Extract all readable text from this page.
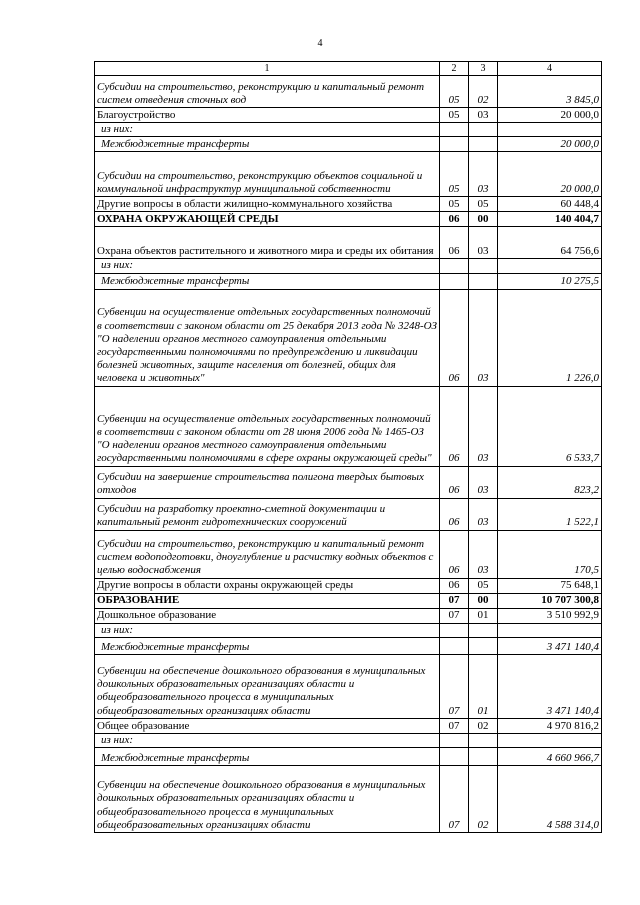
4
1	2	3	4
Субсидии на строительство, реконструкцию и капитальный ремонт систем отведения сточных вод	05	02	3 845,0
Благоустройство	05	03	20 000,0
из них:			
Межбюджетные трансферты			20 000,0
Субсидии на строительство, реконструкцию объектов социальной и коммунальной инфраструктур муниципальной собственности	05	03	20 000,0
Другие вопросы в области жилищно-коммунального хозяйства	05	05	60 448,4
ОХРАНА ОКРУЖАЮЩЕЙ СРЕДЫ	06	00	140 404,7
Охрана объектов растительного и животного мира и среды их обитания	06	03	64 756,6
из них:			
Межбюджетные трансферты			10 275,5
Субвенции на осуществление отдельных государственных полномочий в соответствии с законом области от 25 декабря 2013 года № 3248-ОЗ "О наделении органов местного самоуправления отдельными государственными полномочиями по предупреждению и ликвидации болезней животных, защите населения от болезней, общих для человека и животных"	06	03	1 226,0
Субвенции на осуществление отдельных государственных полномочий в соответствии с законом области от 28 июня 2006 года № 1465-ОЗ "О наделении органов местного самоуправления отдельными государственными полномочиями в сфере охраны окружающей среды"	06	03	6 533,7
Субсидии на завершение строительства полигона твердых бытовых отходов	06	03	823,2
Субсидии на разработку проектно-сметной документации и капитальный ремонт гидротехнических сооружений	06	03	1 522,1
Субсидии на строительство, реконструкцию и капитальный ремонт систем водоподготовки, дноуглубление и расчистку водных объектов с целью водоснабжения	06	03	170,5
Другие вопросы в области охраны окружающей среды	06	05	75 648,1
ОБРАЗОВАНИЕ	07	00	10 707 300,8
Дошкольное образование	07	01	3 510 992,9
из них:			
Межбюджетные трансферты			3 471 140,4
Субвенции на обеспечение дошкольного образования в муниципальных дошкольных образовательных организациях области и общеобразовательного процесса в муниципальных общеобразовательных организациях области	07	01	3 471 140,4
Общее образование	07	02	4 970 816,2
из них:			
Межбюджетные трансферты			4 660 966,7
Субвенции на обеспечение дошкольного образования в муниципальных дошкольных образовательных организациях области и общеобразовательного процесса в муниципальных общеобразовательных организациях области	07	02	4 588 314,0
